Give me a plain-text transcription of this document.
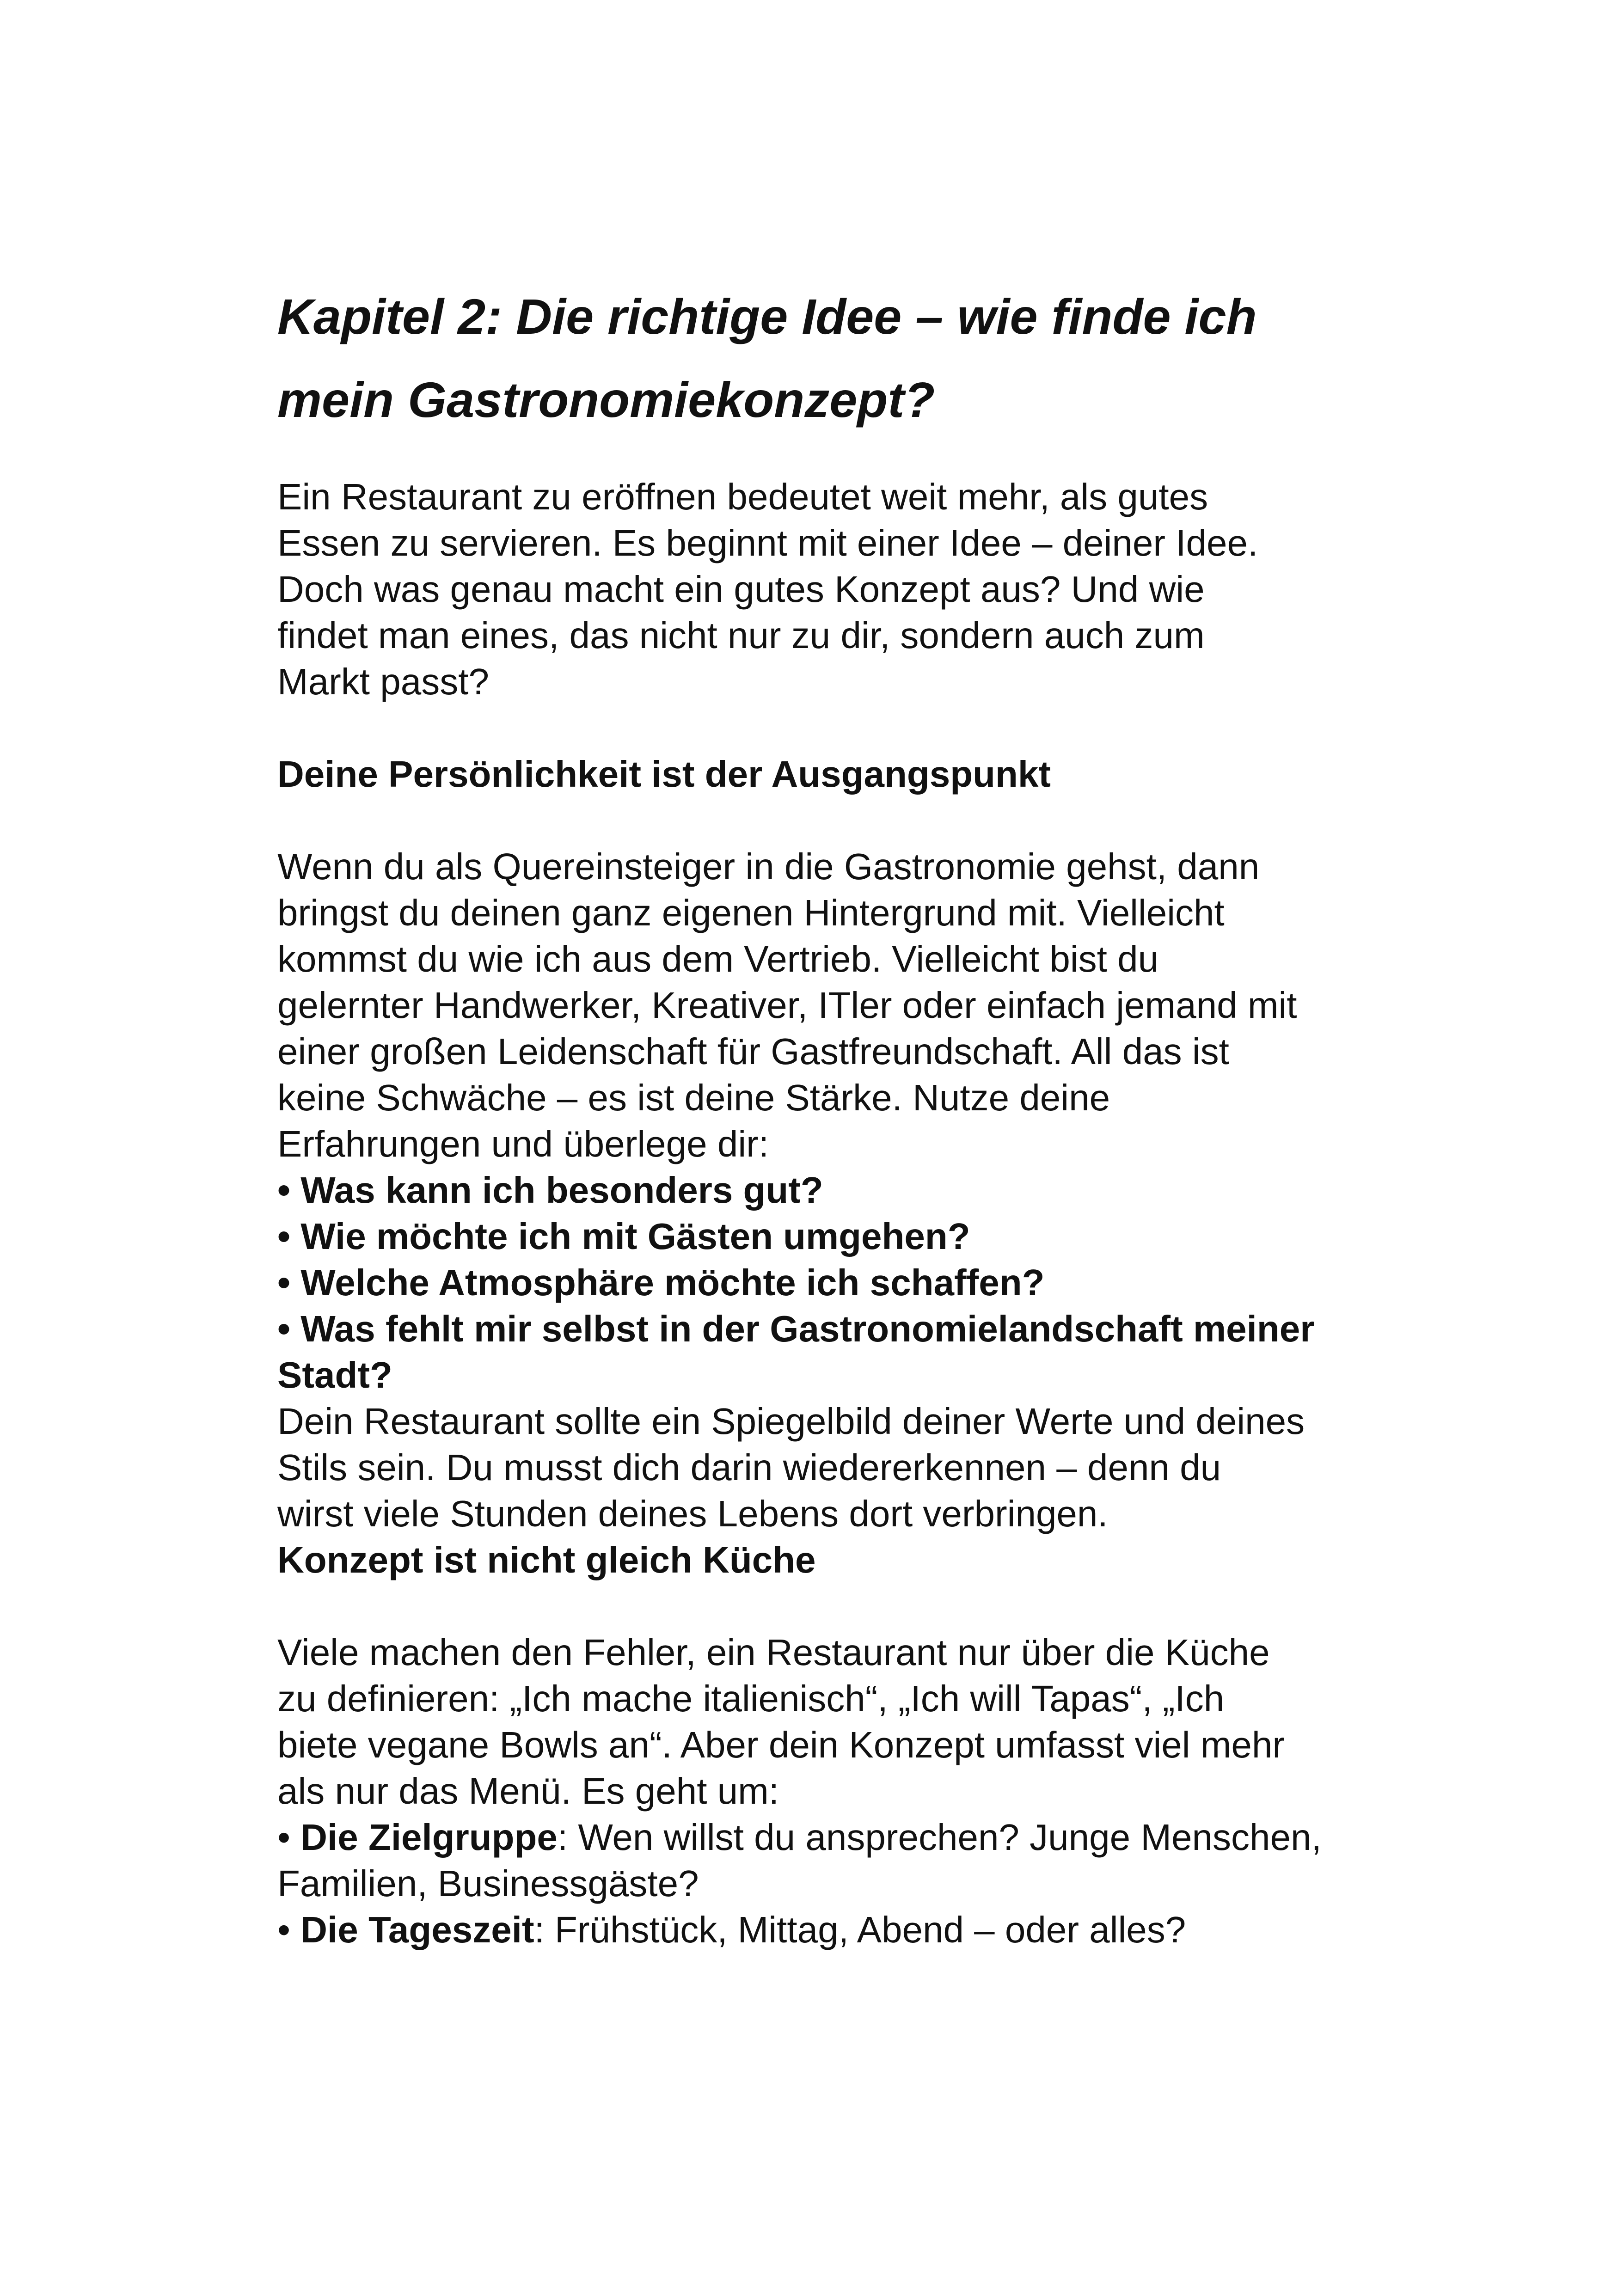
Kapitel 2: Die richtige Idee – wie finde ich
mein Gastronomiekonzept?

Ein Restaurant zu eröffnen bedeutet weit mehr, als gutes
Essen zu servieren. Es beginnt mit einer Idee – deiner Idee.
Doch was genau macht ein gutes Konzept aus? Und wie
findet man eines, das nicht nur zu dir, sondern auch zum
Markt passt?

Deine Persönlichkeit ist der Ausgangspunkt

Wenn du als Quereinsteiger in die Gastronomie gehst, dann
bringst du deinen ganz eigenen Hintergrund mit. Vielleicht
kommst du wie ich aus dem Vertrieb. Vielleicht bist du
gelernter Handwerker, Kreativer, ITler oder einfach jemand mit
einer großen Leidenschaft für Gastfreundschaft. All das ist
keine Schwäche – es ist deine Stärke. Nutze deine
Erfahrungen und überlege dir:

• Was kann ich besonders gut?
• Wie möchte ich mit Gästen umgehen?
• Welche Atmosphäre möchte ich schaffen?
• Was fehlt mir selbst in der Gastronomielandschaft meiner
Stadt?

Dein Restaurant sollte ein Spiegelbild deiner Werte und deines
Stils sein. Du musst dich darin wiedererkennen – denn du
wirst viele Stunden deines Lebens dort verbringen.

Konzept ist nicht gleich Küche

Viele machen den Fehler, ein Restaurant nur über die Küche
zu definieren: „Ich mache italienisch“, „Ich will Tapas“, „Ich
biete vegane Bowls an“. Aber dein Konzept umfasst viel mehr
als nur das Menü. Es geht um:

• Die Zielgruppe: Wen willst du ansprechen? Junge Menschen,
Familien, Businessgäste?
• Die Tageszeit: Frühstück, Mittag, Abend – oder alles?
